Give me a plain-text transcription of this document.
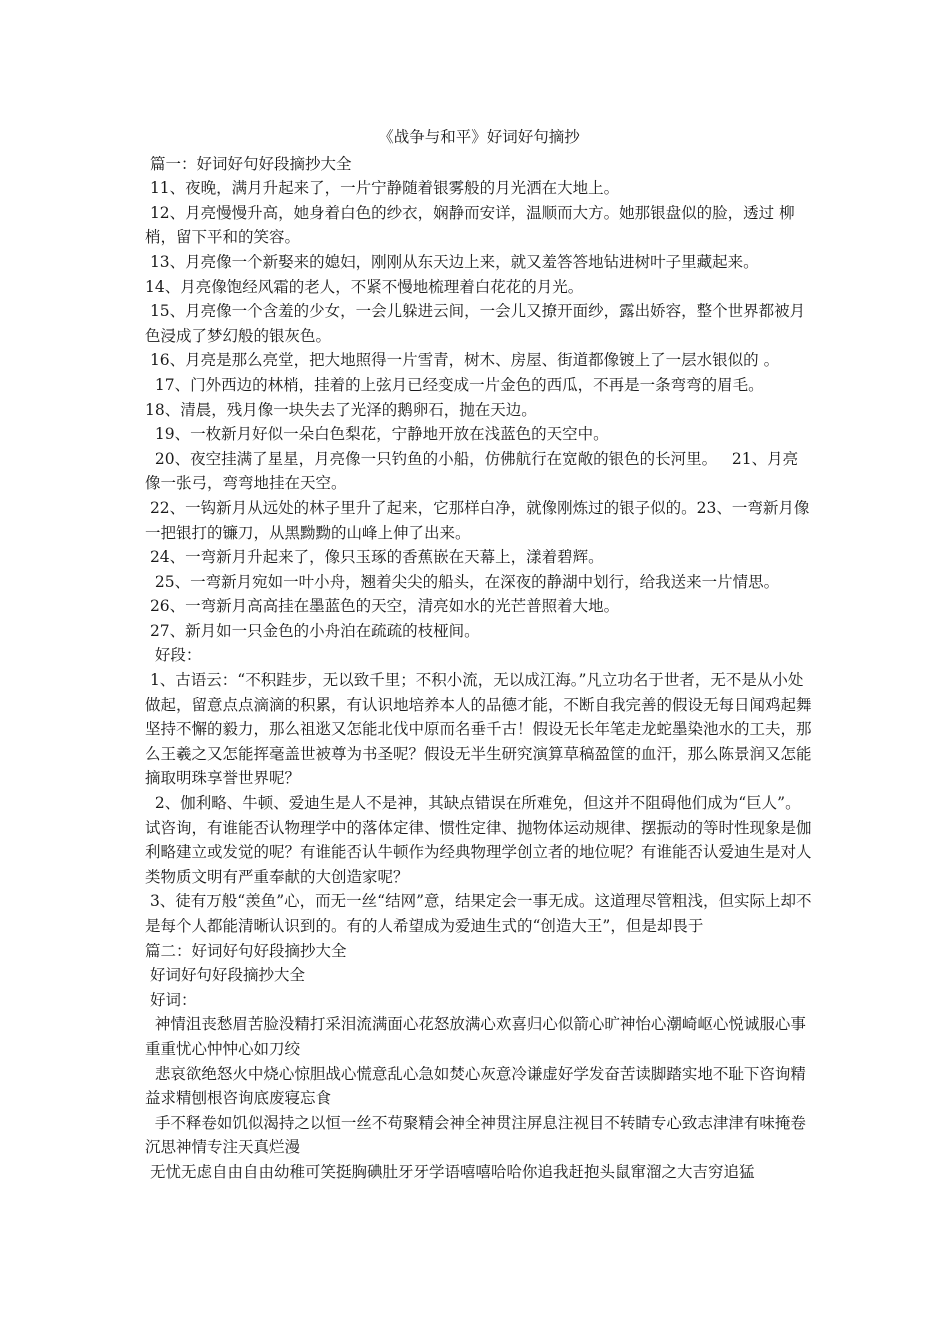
《战争与和平》好词好句摘抄
篇一：好词好句好段摘抄大全
11、夜晚，满月升起来了，一片宁静随着银雾般的月光洒在大地上。
12、月亮慢慢升高，她身着白色的纱衣，娴静而安详，温顺而大方。她那银盘似的脸，透过 柳梢，留下平和的笑容。
13、月亮像一个新娶来的媳妇，刚刚从东天边上来，就又羞答答地钻进树叶子里藏起来。
14、月亮像饱经风霜的老人，不紧不慢地梳理着白花花的月光。
15、月亮像一个含羞的少女，一会儿躲进云间，一会儿又撩开面纱，露出娇容，整个世界都被月色浸成了梦幻般的银灰色。
16、月亮是那么亮堂，把大地照得一片雪青，树木、房屋、街道都像镀上了一层水银似的 。
17、门外西边的林梢，挂着的上弦月已经变成一片金色的西瓜，不再是一条弯弯的眉毛。
18、清晨，残月像一块失去了光泽的鹅卵石，抛在天边。
19、一枚新月好似一朵白色梨花，宁静地开放在浅蓝色的天空中。
20、夜空挂满了星星，月亮像一只钓鱼的小船，仿佛航行在宽敞的银色的长河里。   21、月亮像一张弓，弯弯地挂在天空。
22、一钩新月从远处的林子里升了起来，它那样白净，就像刚炼过的银子似的。23、一弯新月像一把银打的镰刀，从黑黝黝的山峰上伸了出来。
24、一弯新月升起来了，像只玉琢的香蕉嵌在天幕上，漾着碧辉。
25、一弯新月宛如一叶小舟，翘着尖尖的船头，在深夜的静湖中划行，给我送来一片情思。
26、一弯新月高高挂在墨蓝色的天空，清亮如水的光芒普照着大地。
27、新月如一只金色的小舟泊在疏疏的枝桠间。
好段：
1、古语云：“不积跬步，无以致千里；不积小流，无以成江海。”凡立功名于世者，无不是从小处做起，留意点点滴滴的积累，有认识地培养本人的品德才能，不断自我完善的假设无每日闻鸡起舞坚持不懈的毅力，那么祖逖又怎能北伐中原而名垂千古！假设无长年笔走龙蛇墨染池水的工夫，那么王羲之又怎能挥毫盖世被尊为书圣呢？假设无半生研究演算草稿盈筐的血汗，那么陈景润又怎能摘取明珠享誉世界呢？
2、伽利略、牛顿、爱迪生是人不是神，其缺点错误在所难免，但这并不阻碍他们成为“巨人”。试咨询，有谁能否认物理学中的落体定律、惯性定律、抛物体运动规律、摆振动的等时性现象是伽利略建立或发觉的呢？有谁能否认牛顿作为经典物理学创立者的地位呢？有谁能否认爱迪生是对人类物质文明有严重奉献的大创造家呢？
3、徒有万般“羡鱼”心，而无一丝“结网”意，结果定会一事无成。这道理尽管粗浅，但实际上却不是每个人都能清晰认识到的。有的人希望成为爱迪生式的“创造大王”，但是却畏于
篇二：好词好句好段摘抄大全
好词好句好段摘抄大全
好词：
神情沮丧愁眉苦脸没精打采泪流满面心花怒放满心欢喜归心似箭心旷神怡心潮崎岖心悦诚服心事重重忧心忡忡心如刀绞
悲哀欲绝怒火中烧心惊胆战心慌意乱心急如焚心灰意冷谦虚好学发奋苦读脚踏实地不耻下咨询精益求精刨根咨询底废寝忘食
手不释卷如饥似渴持之以恒一丝不苟聚精会神全神贯注屏息注视目不转睛专心致志津津有味掩卷沉思神情专注天真烂漫
无忧无虑自由自由幼稚可笑挺胸碘肚牙牙学语嘻嘻哈哈你追我赶抱头鼠窜溜之大吉穷追猛
